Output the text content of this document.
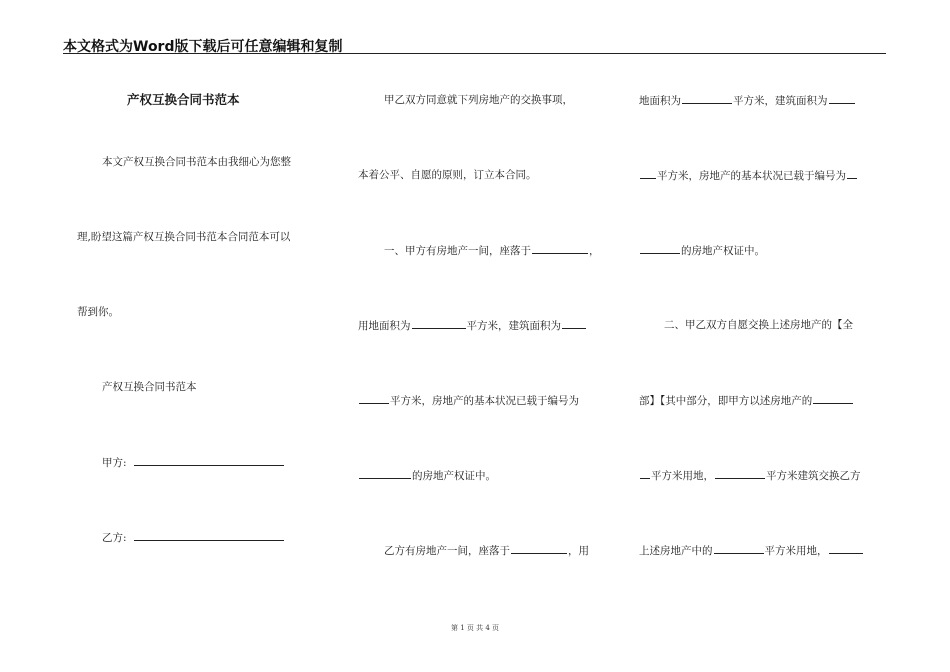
本文格式为Word版下载后可任意编辑和复制
产权互换合同书范本
本文产权互换合同书范本由我细心为您整
理,盼望这篇产权互换合同书范本合同范本可以
帮到你。
产权互换合同书范本
甲方:
乙方:
甲乙双方同意就下列房地产的交换事项，
本着公平、自愿的原则，订立本合同。
一、甲方有房地产一间，座落于	，
用地面积为	平方米，建筑面积为
平方米，房地产的基本状况已载于编号为
的房地产权证中。
乙方有房地产一间，座落于	，用
地面积为	平方米，建筑面积为
平方米，房地产的基本状况已载于编号为
的房地产权证中。
二、甲乙双方自愿交换上述房地产的【全
部】【其中部分，即甲方以述房地产的
平方米用地，	平方米建筑交换乙方
上述房地产中的	平方米用地，
第 1 页 共 4 页
